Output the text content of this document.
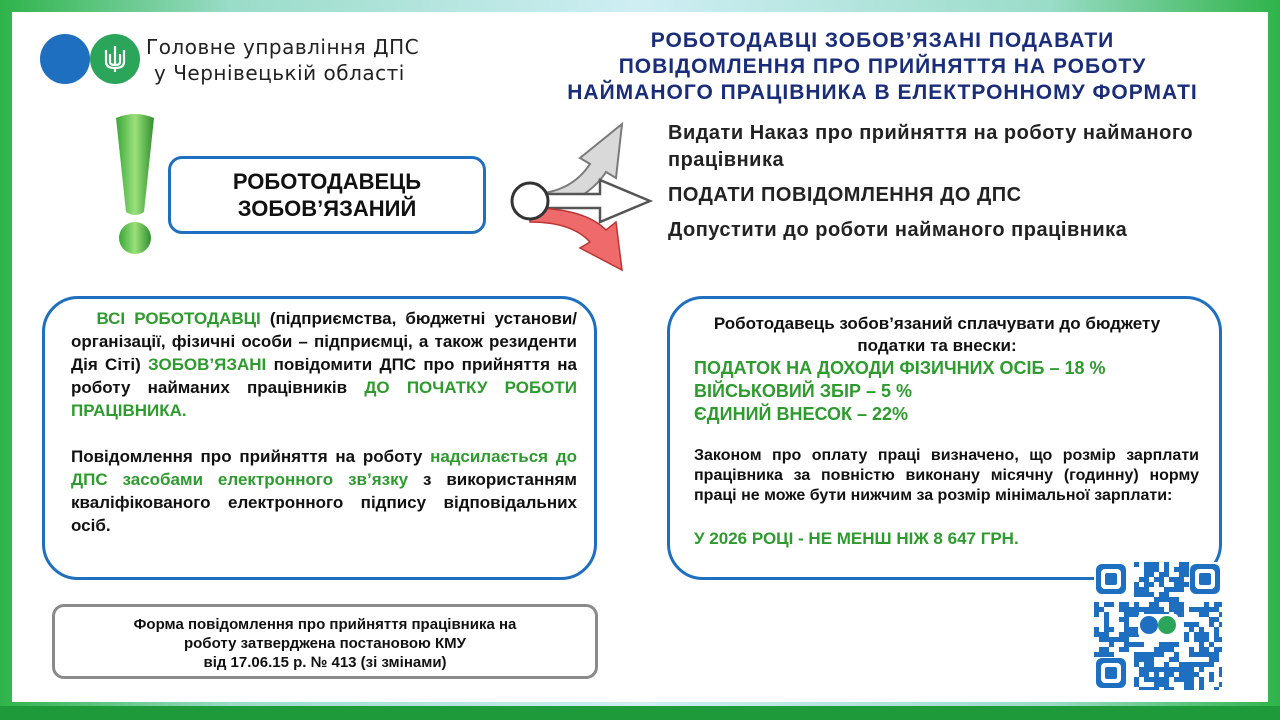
Головне управління ДПС
у Чернівецькій області
РОБОТОДАВЦІ ЗОБОВ’ЯЗАНІ ПОДАВАТИ
ПОВІДОМЛЕННЯ ПРО ПРИЙНЯТТЯ НА РОБОТУ
НАЙМАНОГО ПРАЦІВНИКА В ЕЛЕКТРОННОМУ ФОРМАТІ
РОБОТОДАВЕЦЬ
ЗОБОВ’ЯЗАНИЙ
Видати Наказ про прийняття на роботу найманого працівника
ПОДАТИ ПОВІДОМЛЕННЯ ДО ДПС
Допустити до роботи найманого працівника
  ВСІ РОБОТОДАВЦІ (підприємства, бюджетні установи/організації, фізичні особи – підприємці, а також резиденти Дія Сіті) ЗОБОВ’ЯЗАНІ повідомити ДПС про прийняття на роботу найманих працівників ДО ПОЧАТКУ РОБОТИ ПРАЦІВНИКА.
Повідомлення про прийняття на роботу надсилається до ДПС засобами електронного зв’язку з використанням кваліфікованого електронного підпису відповідальних осіб.
Роботодавець зобов’язаний сплачувати до бюджету податки та внески:
ПОДАТОК НА ДОХОДИ ФІЗИЧНИХ ОСІБ – 18 %
ВІЙСЬКОВИЙ ЗБІР – 5 %
ЄДИНИЙ ВНЕСОК – 22%
Законом про оплату праці визначено, що розмір зарплати працівника за повністю виконану місячну (годинну) норму праці не може бути нижчим за розмір мінімальної зарплати:
У 2026 РОЦІ - НЕ МЕНШ НІЖ 8 647 ГРН.
Форма повідомлення про прийняття працівника на
роботу затверджена постановою КМУ
від 17.06.15 р. № 413 (зі змінами)
